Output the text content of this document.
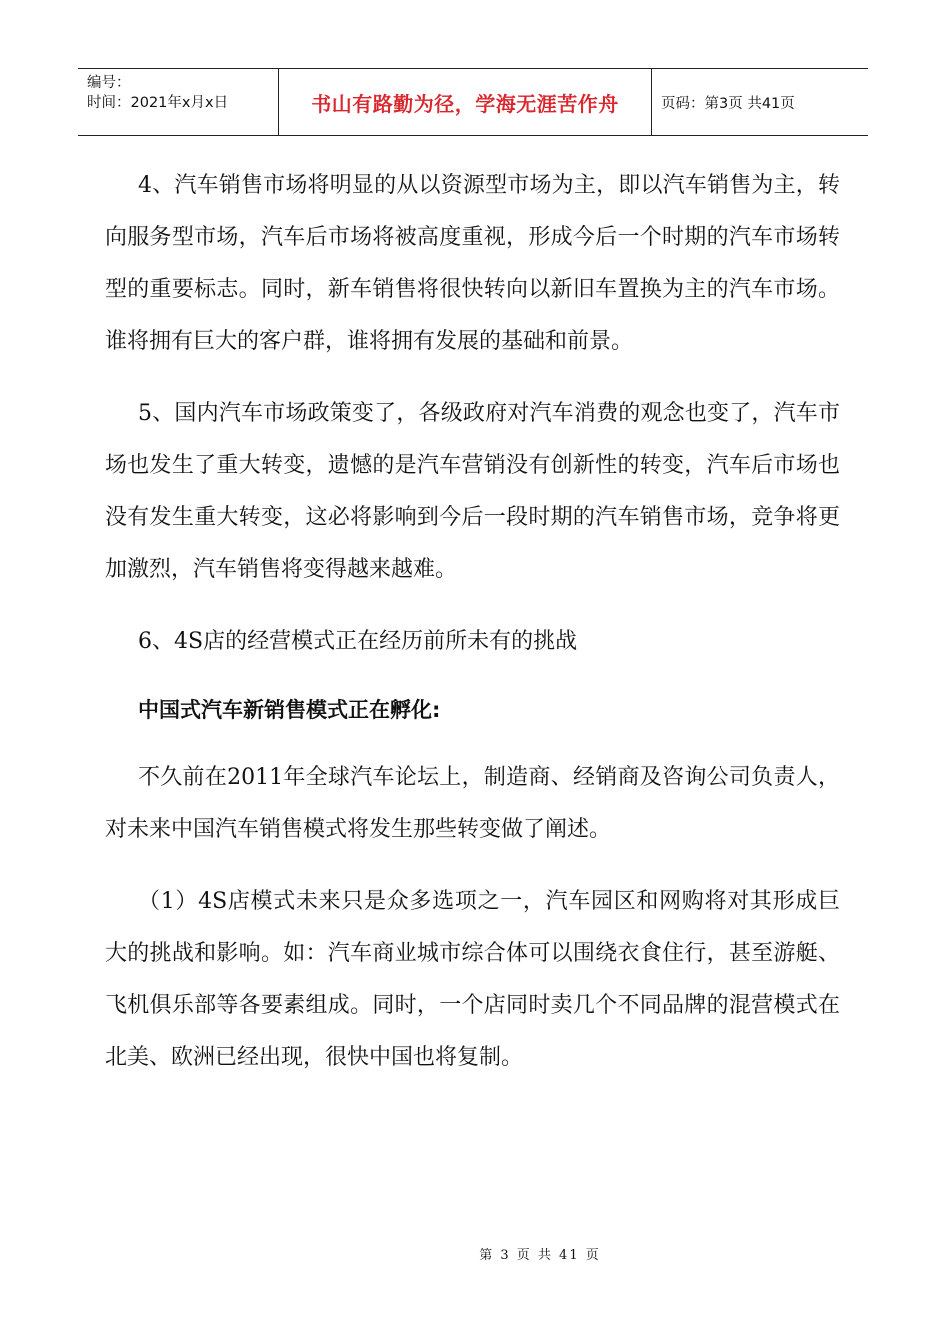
编号：
时间：2021年x月x日	书山有路勤为径，学海无涯苦作舟	页码：第3页 共41页

4、汽车销售市场将明显的从以资源型市场为主，即以汽车销售为主，转向服务型市场，汽车后市场将被高度重视，形成今后一个时期的汽车市场转型的重要标志。同时，新车销售将很快转向以新旧车置换为主的汽车市场。谁将拥有巨大的客户群，谁将拥有发展的基础和前景。

5、国内汽车市场政策变了，各级政府对汽车消费的观念也变了，汽车市场也发生了重大转变，遗憾的是汽车营销没有创新性的转变，汽车后市场也没有发生重大转变，这必将影响到今后一段时期的汽车销售市场，竞争将更加激烈，汽车销售将变得越来越难。

6、4S店的经营模式正在经历前所未有的挑战

中国式汽车新销售模式正在孵化:

不久前在2011年全球汽车论坛上，制造商、经销商及咨询公司负责人，对未来中国汽车销售模式将发生那些转变做了阐述。

（1）4S店模式未来只是众多选项之一，汽车园区和网购将对其形成巨大的挑战和影响。如：汽车商业城市综合体可以围绕衣食住行，甚至游艇、飞机俱乐部等各要素组成。同时，一个店同时卖几个不同品牌的混营模式在北美、欧洲已经出现，很快中国也将复制。

第 3 页 共 41 页
